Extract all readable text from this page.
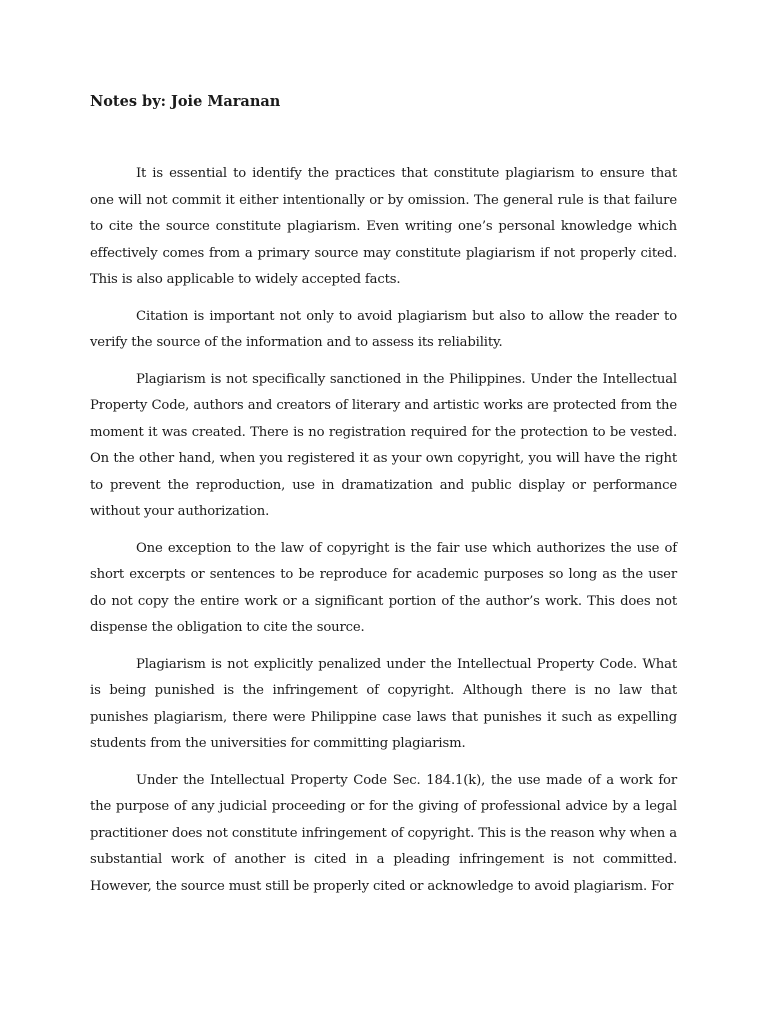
Notes by: Joie Maranan

It is essential to identify the practices that constitute plagiarism to ensure that one will not commit it either intentionally or by omission. The general rule is that failure to cite the source constitute plagiarism. Even writing one’s personal knowledge which effectively comes from a primary source may constitute plagiarism if not properly cited. This is also applicable to widely accepted facts.

Citation is important not only to avoid plagiarism but also to allow the reader to verify the source of the information and to assess its reliability.

Plagiarism is not specifically sanctioned in the Philippines. Under the Intellectual Property Code, authors and creators of literary and artistic works are protected from the moment it was created. There is no registration required for the protection to be vested. On the other hand, when you registered it as your own copyright, you will have the right to prevent the reproduction, use in dramatization and public display or performance without your authorization.

One exception to the law of copyright is the fair use which authorizes the use of short excerpts or sentences to be reproduce for academic purposes so long as the user do not copy the entire work or a significant portion of the author’s work. This does not dispense the obligation to cite the source.

Plagiarism is not explicitly penalized under the Intellectual Property Code. What is being punished is the infringement of copyright. Although there is no law that punishes plagiarism, there were Philippine case laws that punishes it such as expelling students from the universities for committing plagiarism.

Under the Intellectual Property Code Sec. 184.1(k), the use made of a work for the purpose of any judicial proceeding or for the giving of professional advice by a legal practitioner does not constitute infringement of copyright. This is the reason why when a substantial work of another is cited in a pleading infringement is not committed. However, the source must still be properly cited or acknowledge to avoid plagiarism. For
